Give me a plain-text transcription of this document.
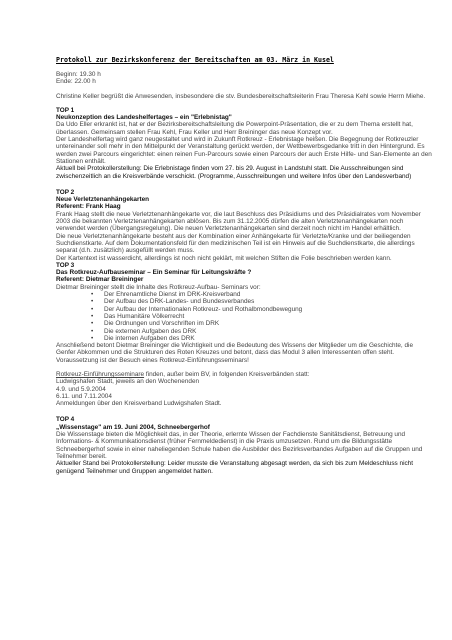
Protokoll zur Bezirkskonferenz der Bereitschaften am 03. März in Kusel

Beginn: 19.30 h

Ende: 22.00 h

Christine Keller begrüßt die Anwesenden, insbesondere die stv. Bundesbereitschaftsleiterin Frau Theresa Kehl sowie Herrn Miehe.

TOP 1

Neukonzeption des Landeshelfertages – ein "Erlebnistag"

Da Udo Eller erkrankt ist, hat er der Bezirksbereitschaftsleitung die Powerpoint-Präsentation, die er zu dem Thema erstellt hat, überlassen. Gemeinsam stellen Frau Kehl, Frau Keller und Herr Breininger das neue Konzept vor.

Der Landeshelfertag wird ganz neugestaltet und wird in Zukunft Rotkreuz - Erlebnistage heißen. Die Begegnung der Rotkreuzler untereinander soll mehr in den Mittelpunkt der Veranstaltung gerückt werden, der Wettbewerbsgedanke tritt in den Hintergrund. Es werden zwei Parcours eingerichtet: einen reinen Fun-Parcours sowie einen Parcours der auch Erste Hilfe- und San-Elemente an den Stationen enthält.

Aktuell bei Protokollerstellung: Die Erlebnistage finden vom 27. bis 29. August in Landstuhl statt. Die Ausschreibungen sind zwischenzeitlich an die Kreisverbände verschickt. (Programme, Ausschreibungen und weitere Infos über den Landesverband)

TOP 2

Neue Verletztenanhängekarten

Referent: Frank Haag

Frank Haag stellt die neue Verletztenanhängekarte vor, die laut Beschluss des Präsidiums und des Präsidialrates vom November 2003 die bekannten Verletztenanhängekarten ablösen. Bis zum 31.12.2005 dürfen die alten Verletztenanhängekarten noch verwendet werden (Übergangsregelung). Die neuen Verletztenanhängekarten sind derzeit noch nicht im Handel erhältlich.

Die neue Verletztenanhängekarte besteht aus der Kombination einer Anhängekarte für Verletzte/Kranke und der beiliegenden Suchdienstkarte. Auf dem Dokumentationsfeld für den medizinischen Teil ist ein Hinweis auf die Suchdienstkarte, die allerdings separat (d.h. zusätzlich) ausgefüllt werden muss.

Der Kartentext ist wasserdicht, allerdings ist noch nicht geklärt, mit welchen Stiften die Folie beschrieben werden kann.

TOP 3

Das Rotkreuz-Aufbauseminar – Ein Seminar für Leitungskräfte ?

Referent: Dietmar Breininger

Dietmar Breininger stellt die Inhalte des Rotkreuz-Aufbau- Seminars vor:

• Der Ehrenamtliche Dienst im DRK-Kreisverband
• Der Aufbau des DRK-Landes- und Bundesverbandes
• Der Aufbau der Internationalen Rotkreuz- und Rothalbmondbewegung
• Das Humanitäre Völkerrecht
• Die Ordnungen und Vorschriften im DRK
• Die externen Aufgaben des DRK
• Die internen Aufgaben des DRK

Anschließend betont Dietmar Breininger die Wichtigkeit und die Bedeutung des Wissens der Mitglieder um die Geschichte, die Genfer Abkommen und die Strukturen des Roten Kreuzes und betont, dass das Modul 3 allen Interessenten offen steht. Voraussetzung ist der Besuch eines Rotkreuz-Einführungsseminars!

Rotkreuz-Einführungsseminare finden, außer beim BV, in folgenden Kreisverbänden statt:

Ludwigshafen Stadt, jeweils an den Wochenenden

4.9. und 5.9.2004

6.11. und 7.11.2004

Anmeldungen über den Kreisverband Ludwigshafen Stadt.

TOP 4

„Wissenstage" am 19. Juni 2004, Schneebergerhof

Die Wissenstage bieten die Möglichkeit das, in der Theorie, erlernte Wissen der Fachdienste Sanitätsdienst, Betreuung und Informations- & Kommunikationsdienst (früher Fernmeldedienst) in die Praxis umzusetzen. Rund um die Bildungsstätte Schneebergerhof sowie in einer naheliegenden Schule haben die Ausbilder des Bezirksverbandes Aufgaben auf die Gruppen und Teilnehmer bereit.

Aktueller Stand bei Protokollerstellung: Leider musste die Veranstaltung abgesagt werden, da sich bis zum Meldeschluss nicht genügend Teilnehmer und Gruppen angemeldet hatten.
